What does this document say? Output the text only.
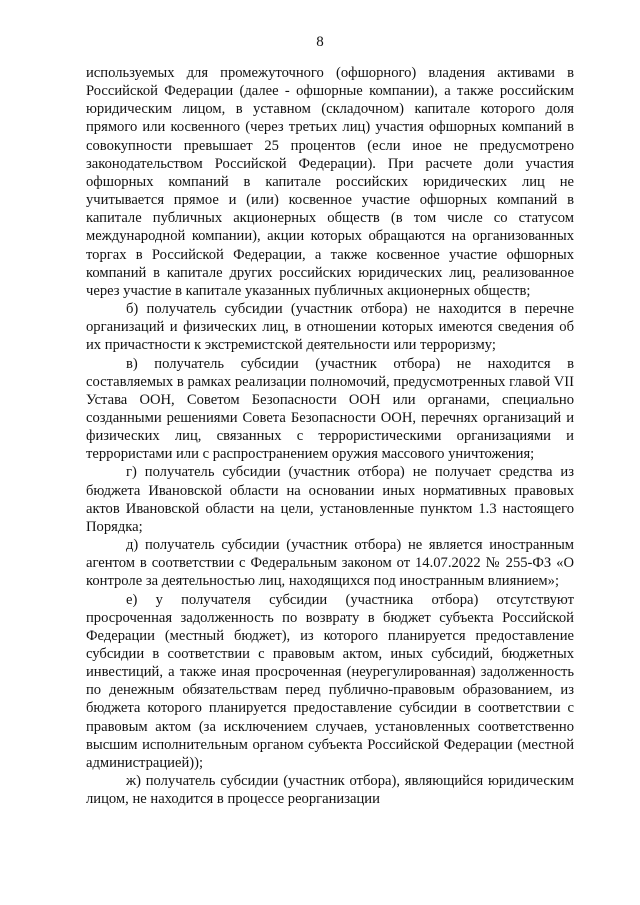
8

используемых для промежуточного (офшорного) владения активами в Российской Федерации (далее - офшорные компании), а также российским юридическим лицом, в уставном (складочном) капитале которого доля прямого или косвенного (через третьих лиц) участия офшорных компаний в совокупности превышает 25 процентов (если иное не предусмотрено законодательством Российской Федерации). При расчете доли участия офшорных компаний в капитале российских юридических лиц не учитывается прямое и (или) косвенное участие офшорных компаний в капитале публичных акционерных обществ (в том числе со статусом международной компании), акции которых обращаются на организованных торгах в Российской Федерации, а также косвенное участие офшорных компаний в капитале других российских юридических лиц, реализованное через участие в капитале указанных публичных акционерных обществ;

б) получатель субсидии (участник отбора) не находится в перечне организаций и физических лиц, в отношении которых имеются сведения об их причастности к экстремистской деятельности или терроризму;

в) получатель субсидии (участник отбора) не находится в составляемых в рамках реализации полномочий, предусмотренных главой VII Устава ООН, Советом Безопасности ООН или органами, специально созданными решениями Совета Безопасности ООН, перечнях организаций и физических лиц, связанных с террористическими организациями и террористами или с распространением оружия массового уничтожения;

г) получатель субсидии (участник отбора) не получает средства из бюджета Ивановской области на основании иных нормативных правовых актов Ивановской области на цели, установленные пунктом 1.3 настоящего Порядка;

д) получатель субсидии (участник отбора) не является иностранным агентом в соответствии с Федеральным законом от 14.07.2022 № 255-ФЗ «О контроле за деятельностью лиц, находящихся под иностранным влиянием»;

е) у получателя субсидии (участника отбора) отсутствуют просроченная задолженность по возврату в бюджет субъекта Российской Федерации (местный бюджет), из которого планируется предоставление субсидии в соответствии с правовым актом, иных субсидий, бюджетных инвестиций, а также иная просроченная (неурегулированная) задолженность по денежным обязательствам перед публично-правовым образованием, из бюджета которого планируется предоставление субсидии в соответствии с правовым актом (за исключением случаев, установленных соответственно высшим исполнительным органом субъекта Российской Федерации (местной администрацией));

ж) получатель субсидии (участник отбора), являющийся юридическим лицом, не находится в процессе реорганизации
